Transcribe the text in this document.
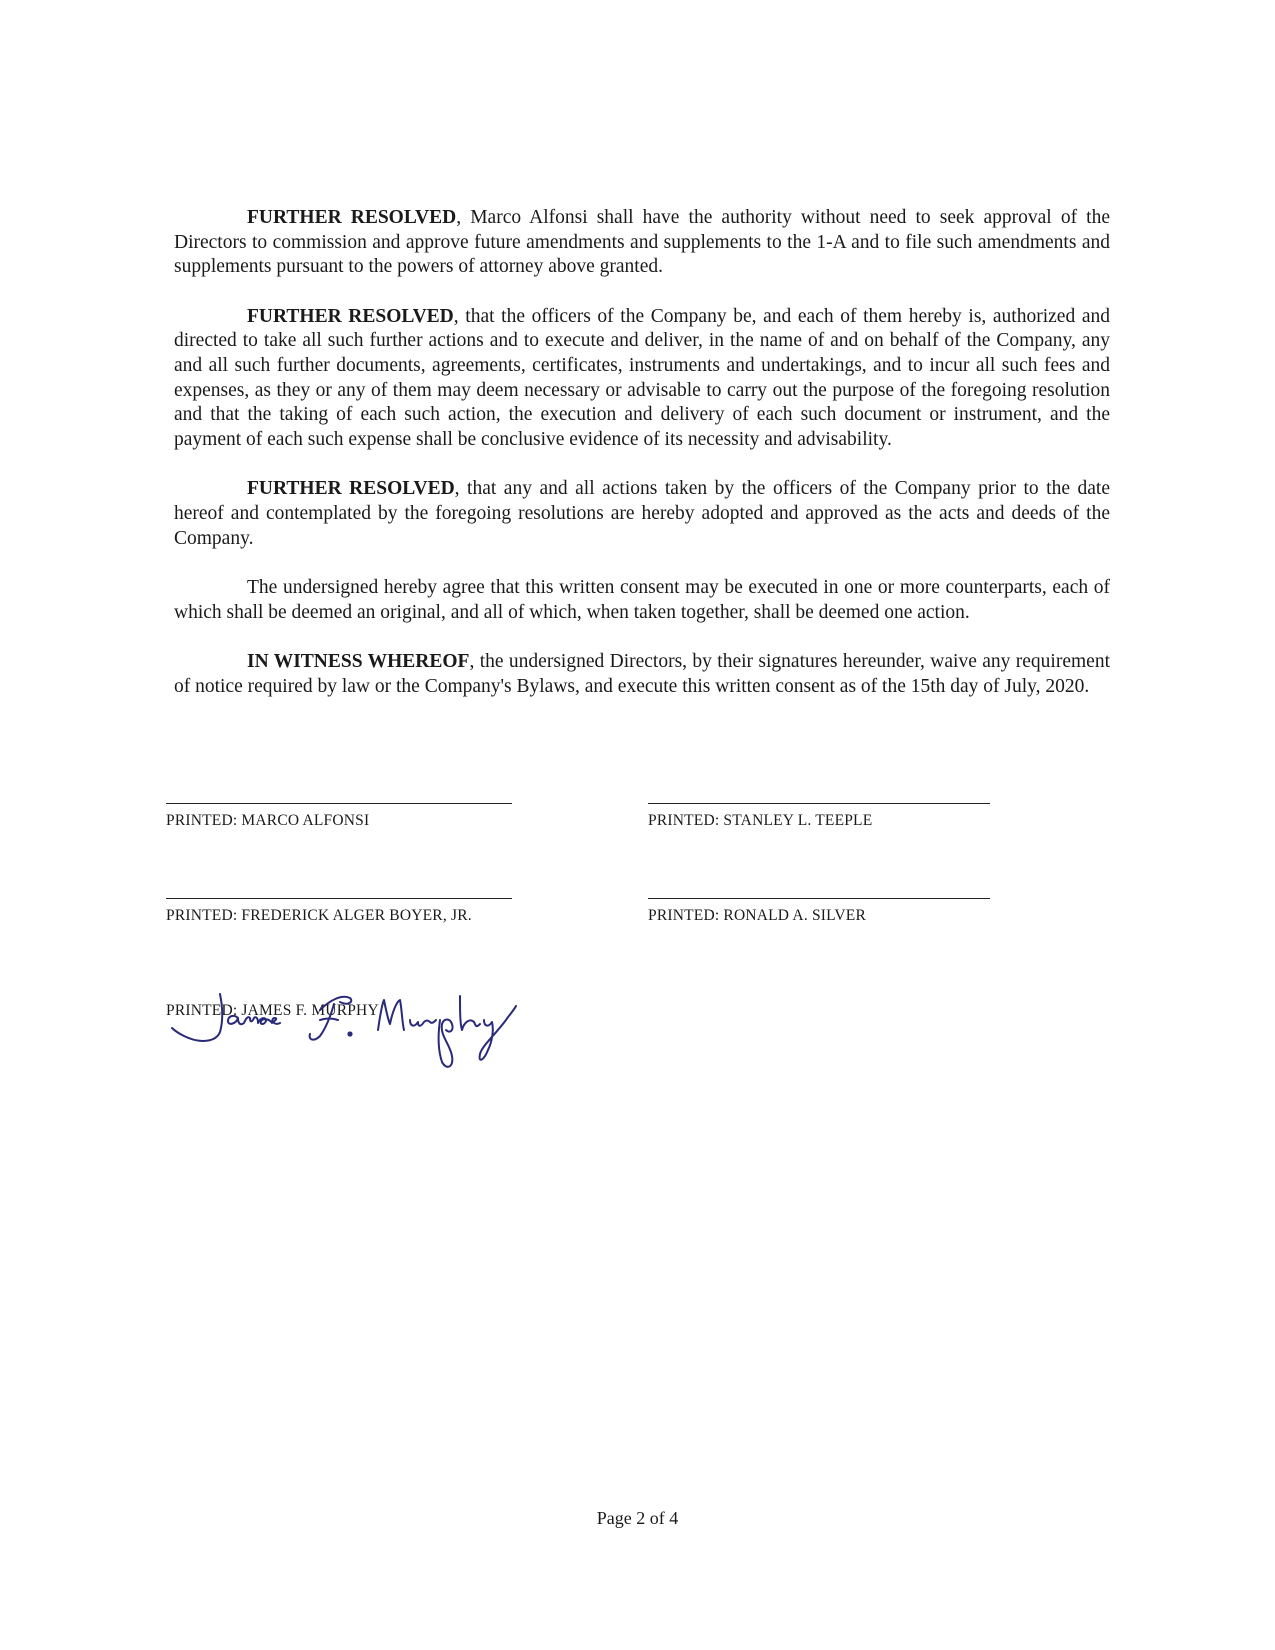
FURTHER RESOLVED, Marco Alfonsi shall have the authority without need to seek approval of the Directors to commission and approve future amendments and supplements to the 1-A and to file such amendments and supplements pursuant to the powers of attorney above granted.

FURTHER RESOLVED, that the officers of the Company be, and each of them hereby is, authorized and directed to take all such further actions and to execute and deliver, in the name of and on behalf of the Company, any and all such further documents, agreements, certificates, instruments and undertakings, and to incur all such fees and expenses, as they or any of them may deem necessary or advisable to carry out the purpose of the foregoing resolution and that the taking of each such action, the execution and delivery of each such document or instrument, and the payment of each such expense shall be conclusive evidence of its necessity and advisability.

FURTHER RESOLVED, that any and all actions taken by the officers of the Company prior to the date hereof and contemplated by the foregoing resolutions are hereby adopted and approved as the acts and deeds of the Company.

The undersigned hereby agree that this written consent may be executed in one or more counterparts, each of which shall be deemed an original, and all of which, when taken together, shall be deemed one action.

IN WITNESS WHEREOF, the undersigned Directors, by their signatures hereunder, waive any requirement of notice required by law or the Company's Bylaws, and execute this written consent as of the 15th day of July, 2020.

PRINTED: MARCO ALFONSI	PRINTED: STANLEY L. TEEPLE
PRINTED: FREDERICK ALGER BOYER, JR.	PRINTED: RONALD A. SILVER
PRINTED: JAMES F. MURPHY
Page 2 of 4
